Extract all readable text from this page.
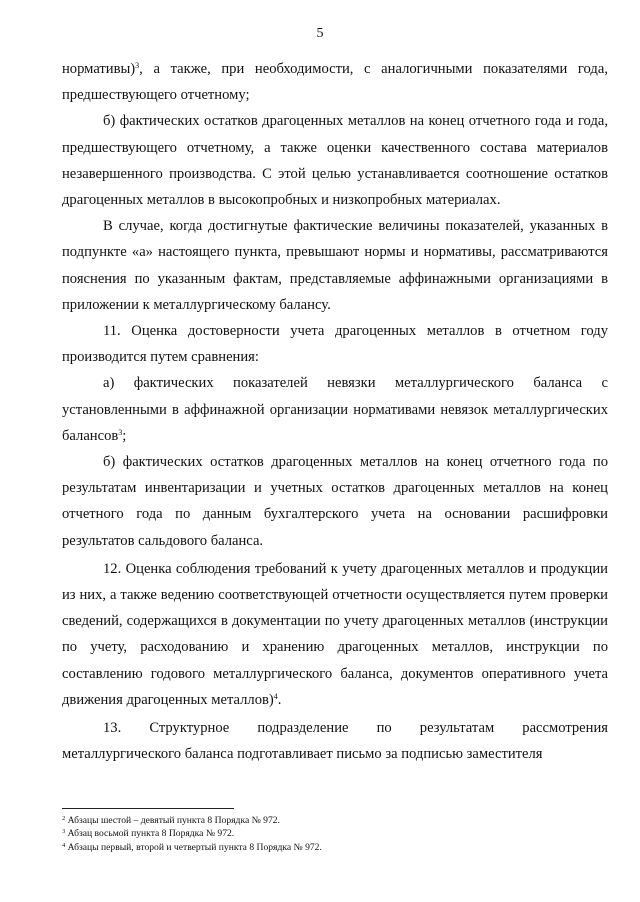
5

нормативы)$^3$, а также, при необходимости, с аналогичными показателями года, предшествующего отчетному;

б) фактических остатков драгоценных металлов на конец отчетного года и года, предшествующего отчетному, а также оценки качественного состава материалов незавершенного производства. С этой целью устанавливается соотношение остатков драгоценных металлов в высокопробных и низкопробных материалах.

В случае, когда достигнутые фактические величины показателей, указанных в подпункте «а» настоящего пункта, превышают нормы и нормативы, рассматриваются пояснения по указанным фактам, представляемые аффинажными организациями в приложении к металлургическому балансу.

11. Оценка достоверности учета драгоценных металлов в отчетном году производится путем сравнения:

а) фактических показателей невязки металлургического баланса с установленными в аффинажной организации нормативами невязок металлургических балансов$^3$;

б) фактических остатков драгоценных металлов на конец отчетного года по результатам инвентаризации и учетных остатков драгоценных металлов на конец отчетного года по данным бухгалтерского учета на основании расшифровки результатов сальдового баланса.

12. Оценка соблюдения требований к учету драгоценных металлов и продукции из них, а также ведению соответствующей отчетности осуществляется путем проверки сведений, содержащихся в документации по учету драгоценных металлов (инструкции по учету, расходованию и хранению драгоценных металлов, инструкции по составлению годового металлургического баланса, документов оперативного учета движения драгоценных металлов)$^4$.

13. Структурное подразделение по результатам рассмотрения металлургического баланса подготавливает письмо за подписью заместителя

$^2$ Абзацы шестой – девятый пункта 8 Порядка № 972.

$^3$ Абзац восьмой пункта 8 Порядка № 972.

$^4$ Абзацы первый, второй и четвертый пункта 8 Порядка № 972.
